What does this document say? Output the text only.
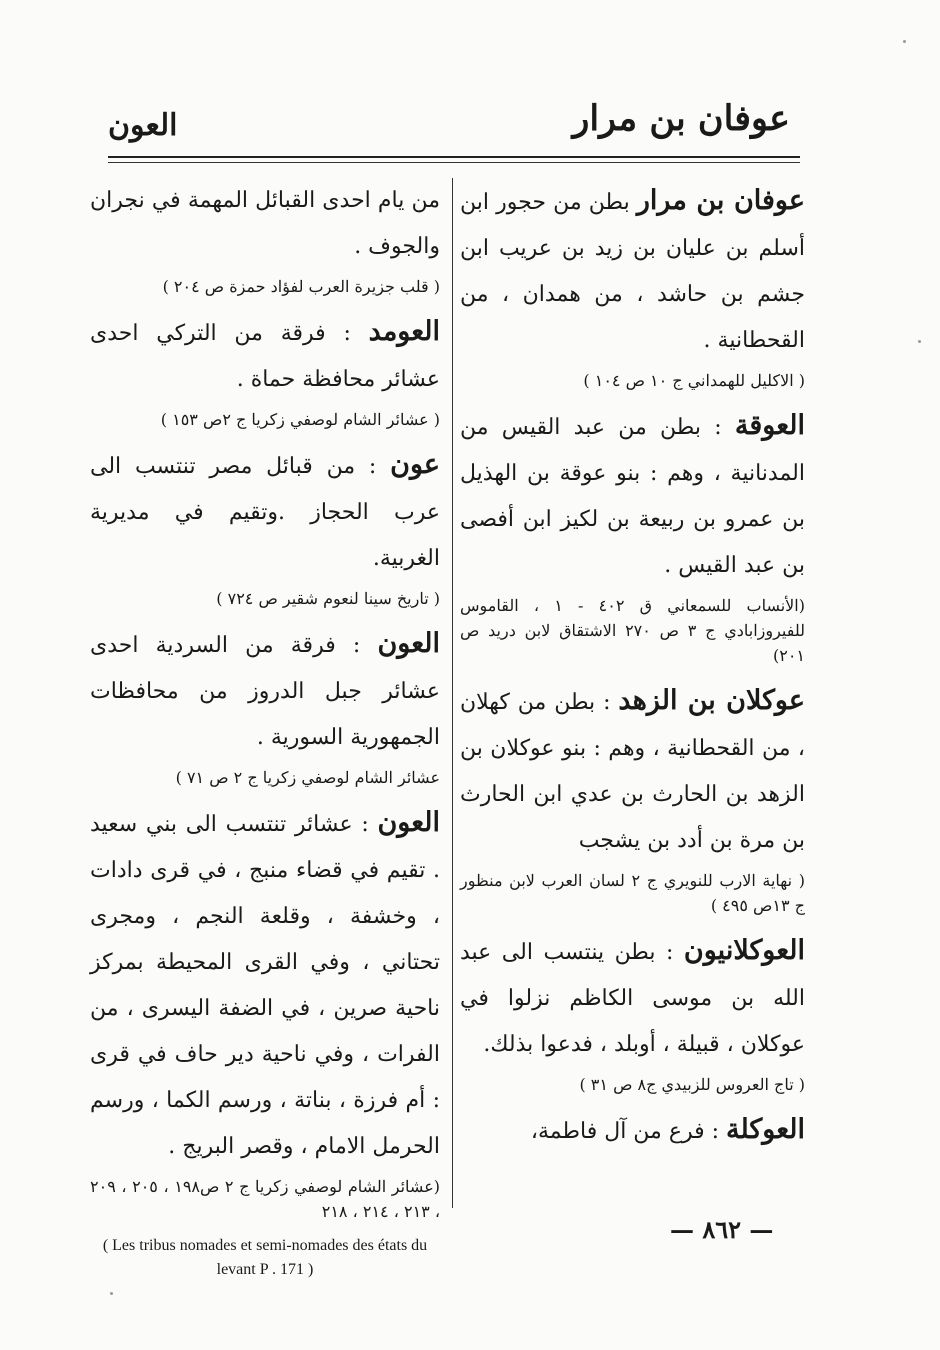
عوفان بن مرار
العون

عوفان بن مرار بطن من حجور ابن أسلم بن عليان بن زيد بن عريب ابن جشم بن حاشد ، من همدان ، من القحطانية .

( الاكليل للهمداني ج ١٠ ص ١٠٤ )

العوقة : بطن من عبد القيس من المدنانية ، وهم : بنو عوقة بن الهذيل بن عمرو بن ربيعة بن لكيز ابن أفصى بن عبد القيس .

(الأنساب للسمعاني ق ٤٠٢ - ١ ، القاموس للفيروزابادي ج ٣ ص ٢٧٠ الاشتقاق لابن دريد ص ٢٠١)

عوكلان بن الزهد : بطن من كهلان ، من القحطانية ، وهم : بنو عوكلان بن الزهد بن الحارث بن عدي ابن الحارث بن مرة بن أدد بن يشجب

( نهاية الارب للنويري ج ٢ لسان العرب لابن منظور ج ١٣ص ٤٩٥ )

العوكلانيون : بطن ينتسب الى عبد الله بن موسى الكاظم نزلوا في عوكلان ، قبيلة ، أوبلد ، فدعوا بذلك.

( تاج العروس للزبيدي ج٨ ص ٣١ )

العوكلة : فرع من آل فاطمة،

من يام احدى القبائل المهمة في نجران والجوف .

( قلب جزيرة العرب لفؤاد حمزة ص ٢٠٤ )

العومد : فرقة من التركي احدى عشائر محافظة حماة .

( عشائر الشام لوصفي زكريا ج ٢ص ١٥٣ )

عون : من قبائل مصر تنتسب الى عرب الحجاز .وتقيم في مديرية الغربية.

( تاريخ سينا لنعوم شقير ص ٧٢٤ )

العون : فرقة من السردية احدى عشائر جبل الدروز من محافظات الجمهورية السورية .

عشائر الشام لوصفي زكريا ج ٢ ص ٧١ )

العون : عشائر تنتسب الى بني سعيد . تقيم في قضاء منبج ، في قرى دادات ، وخشفة ، وقلعة النجم ، ومجرى تحتاني ، وفي القرى المحيطة بمركز ناحية صرين ، في الضفة اليسرى ، من الفرات ، وفي ناحية دير حاف في قرى : أم فرزة ، بناتة ، ورسم الكما ، ورسم الحرمل الامام ، وقصر البريج .

(عشائر الشام لوصفي زكريا ج ٢ ص١٩٨ ، ٢٠٥ ، ٢٠٩ ، ٢١٣ ، ٢١٤ ، ٢١٨
( Les tribus nomades et semi-nomades des états du levant P . 171 )
— ٨٦٢ —
